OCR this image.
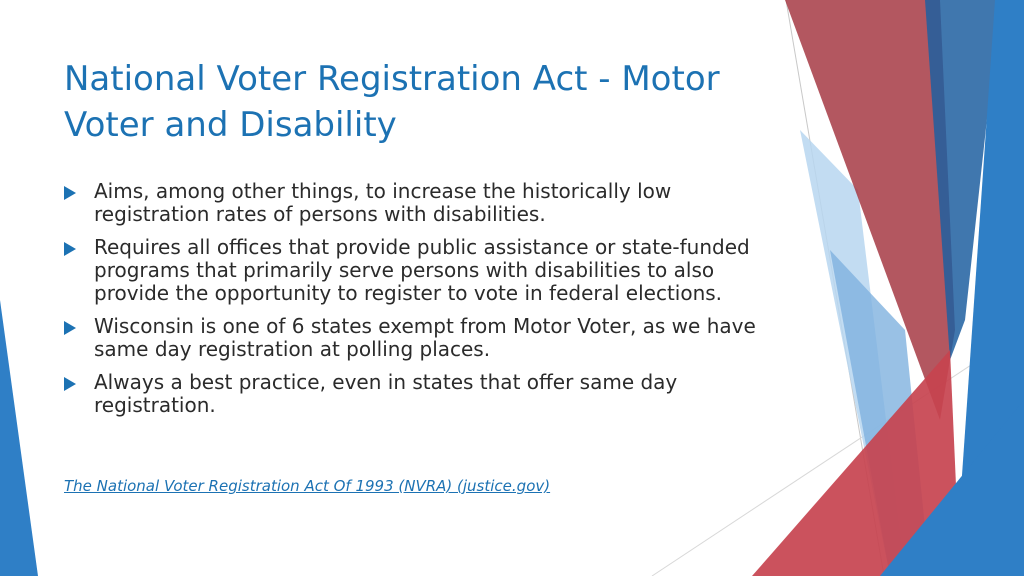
National Voter Registration Act - Motor Voter and Disability
Aims, among other things, to increase the historically low registration rates of persons with disabilities.
Requires all offices that provide public assistance or state-funded programs that primarily serve persons with disabilities to also provide the opportunity to register to vote in federal elections.
Wisconsin is one of 6 states exempt from Motor Voter, as we have same day registration at polling places.
Always a best practice, even in states that offer same day registration.
The National Voter Registration Act Of 1993 (NVRA) (justice.gov)
